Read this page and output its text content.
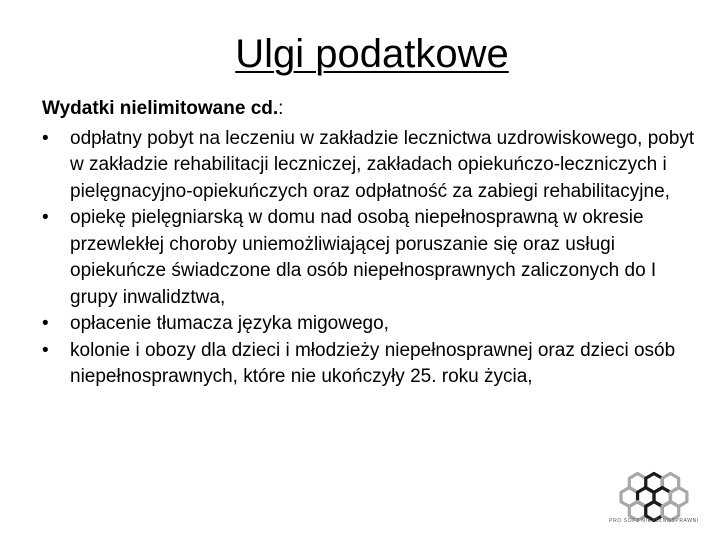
Ulgi podatkowe
Wydatki nielimitowane cd.:
• odpłatny pobyt na leczeniu w zakładzie lecznictwa uzdrowiskowego, pobyt w zakładzie rehabilitacji leczniczej, zakładach opiekuńczo-leczniczych i pielęgnacyjno-opiekuńczych oraz odpłatność za zabiegi rehabilitacyjne,
• opiekę pielęgniarską w domu nad osobą niepełnosprawną w okresie przewlekłej choroby uniemożliwiającej poruszanie się oraz usługi opiekuńcze świadczone dla osób niepełnosprawnych zaliczonych do I grupy inwalidztwa,
• opłacenie tłumacza języka migowego,
• kolonie i obozy dla dzieci i młodzieży niepełnosprawnej oraz dzieci osób niepełnosprawnych, które nie ukończyły 25. roku życia,
PRO SOFT NIEPEŁNOSPRAWNI
